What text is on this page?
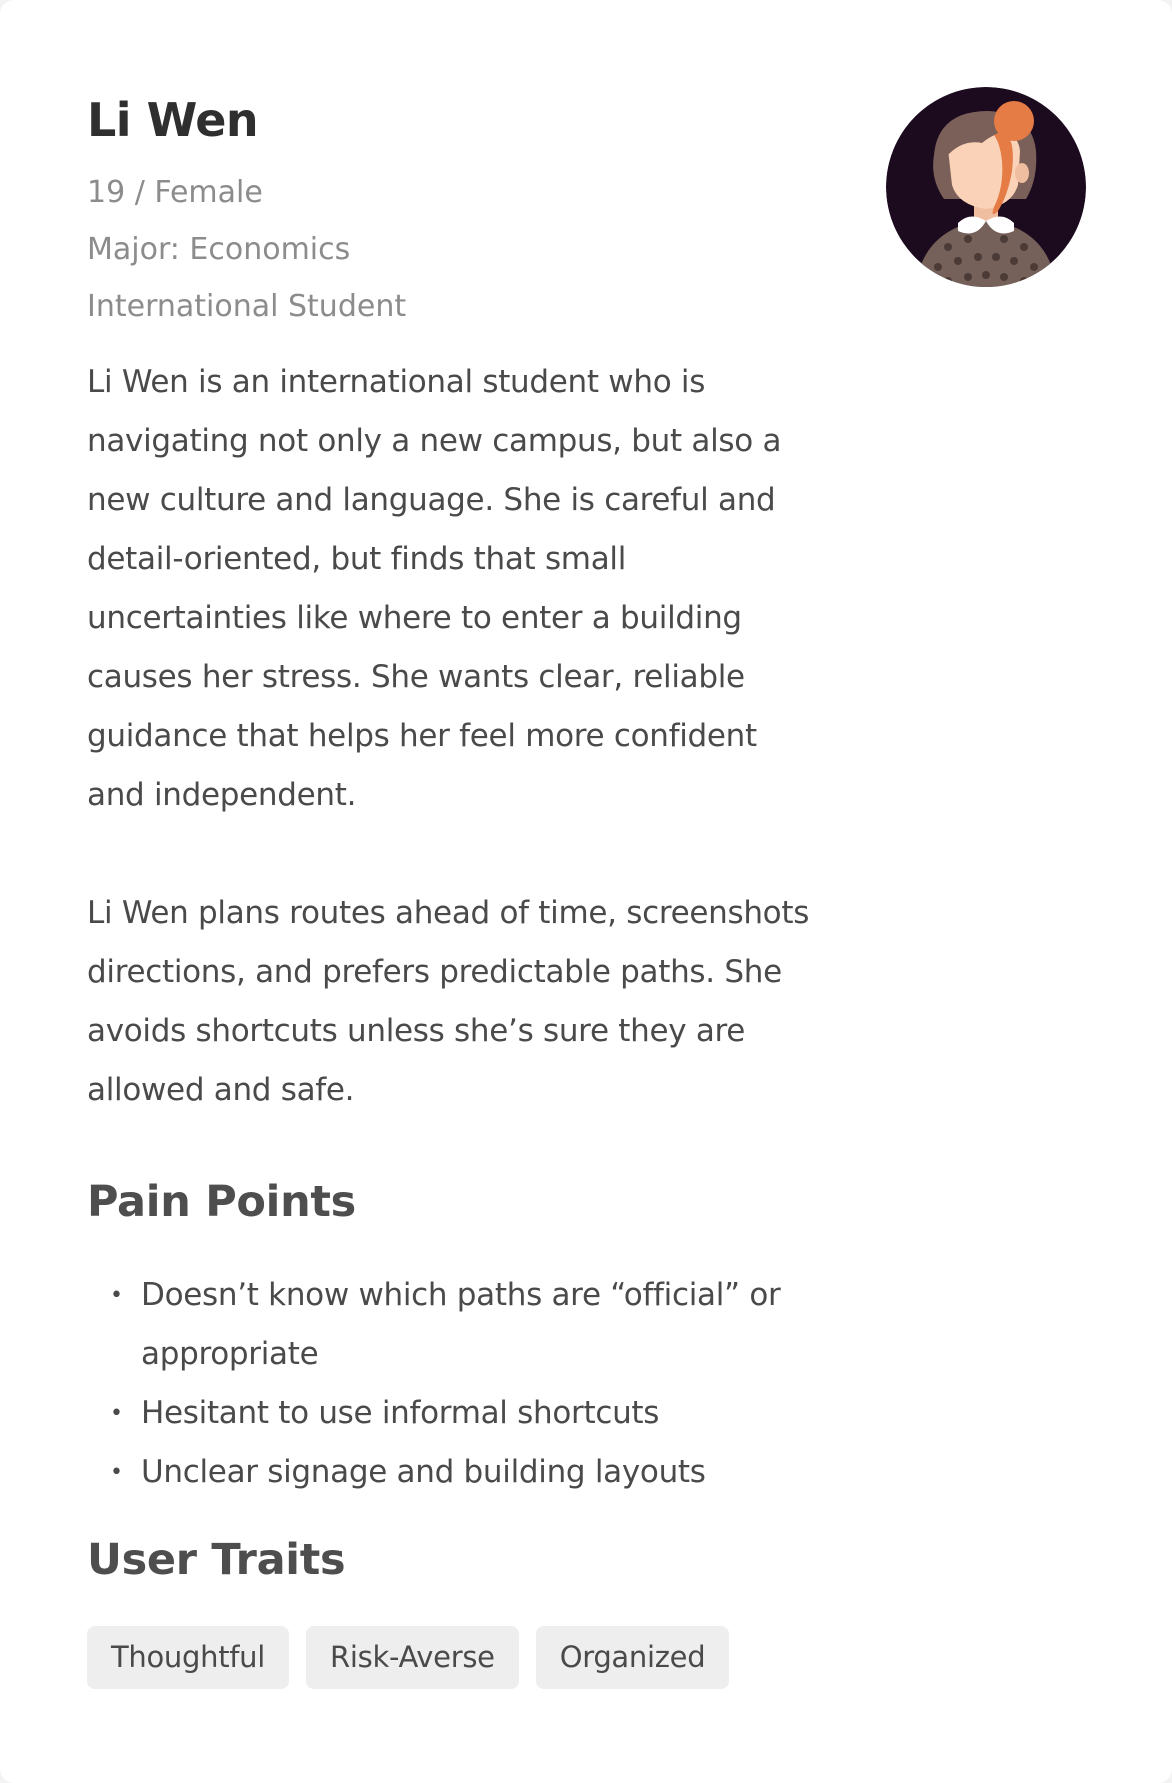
Li Wen
19 / Female
Major: Economics
International Student

Li Wen is an international student who is navigating not only a new campus, but also a new culture and language. She is careful and detail-oriented, but finds that small uncertainties like where to enter a building causes her stress. She wants clear, reliable guidance that helps her feel more confident and independent.

Li Wen plans routes ahead of time, screenshots directions, and prefers predictable paths. She avoids shortcuts unless she’s sure they are allowed and safe.

Pain Points
• Doesn’t know which paths are “official” or appropriate
• Hesitant to use informal shortcuts
• Unclear signage and building layouts
User Traits
Thoughtful	Risk-Averse	Organized
